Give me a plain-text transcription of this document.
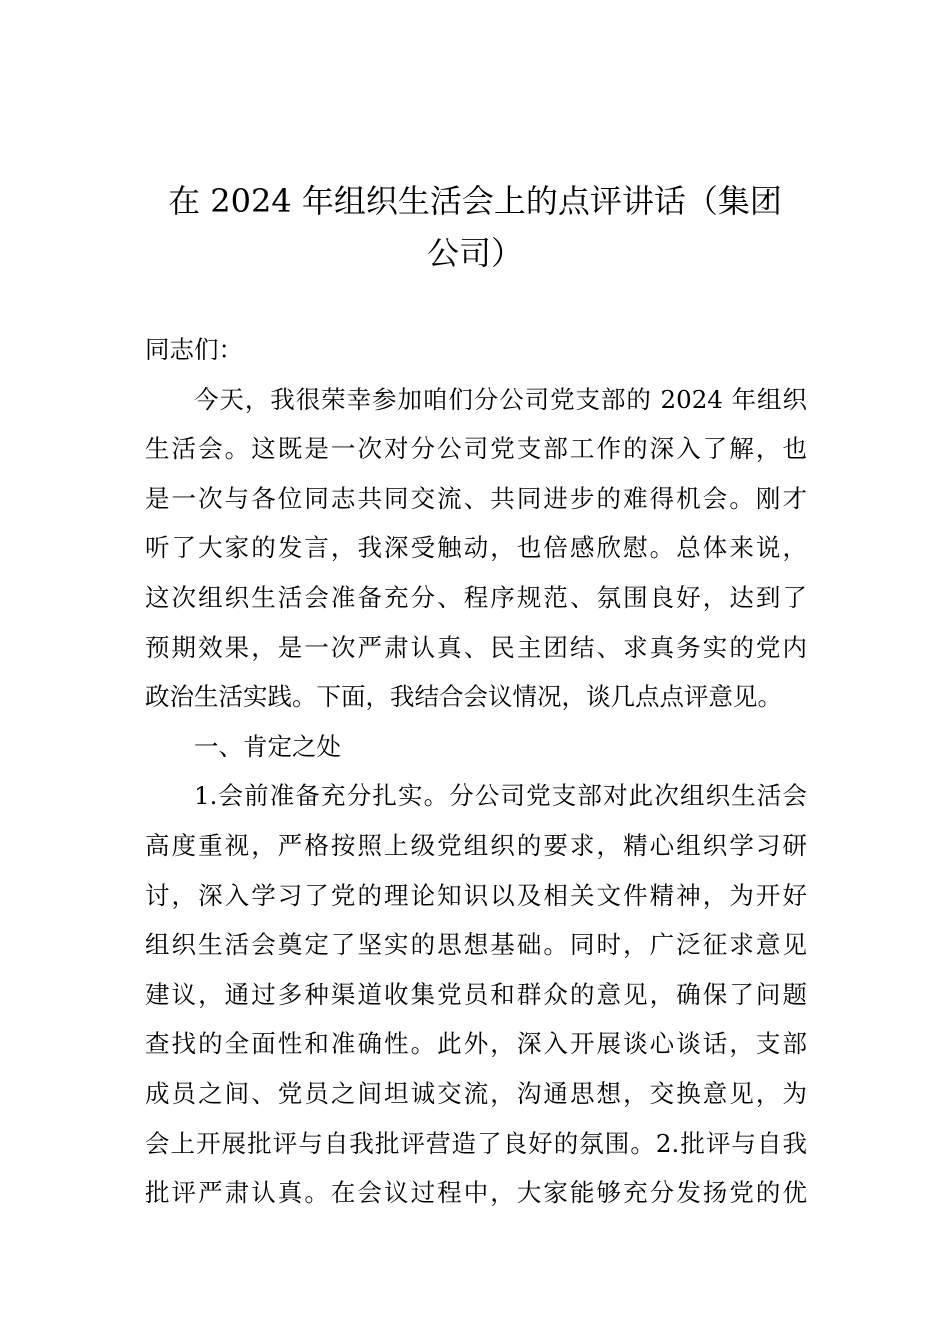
在 2024 年组织生活会上的点评讲话（集团
公司）
同志们：
今天，我很荣幸参加咱们分公司党支部的 2024 年组织
生活会。这既是一次对分公司党支部工作的深入了解，也
是一次与各位同志共同交流、共同进步的难得机会。刚才
听了大家的发言，我深受触动，也倍感欣慰。总体来说，
这次组织生活会准备充分、程序规范、氛围良好，达到了
预期效果，是一次严肃认真、民主团结、求真务实的党内
政治生活实践。下面，我结合会议情况，谈几点点评意见。
一、肯定之处
1.会前准备充分扎实。分公司党支部对此次组织生活会
高度重视，严格按照上级党组织的要求，精心组织学习研
讨，深入学习了党的理论知识以及相关文件精神，为开好
组织生活会奠定了坚实的思想基础。同时，广泛征求意见
建议，通过多种渠道收集党员和群众的意见，确保了问题
查找的全面性和准确性。此外，深入开展谈心谈话，支部
成员之间、党员之间坦诚交流，沟通思想，交换意见，为
会上开展批评与自我批评营造了良好的氛围。2.批评与自我
批评严肃认真。在会议过程中，大家能够充分发扬党的优
